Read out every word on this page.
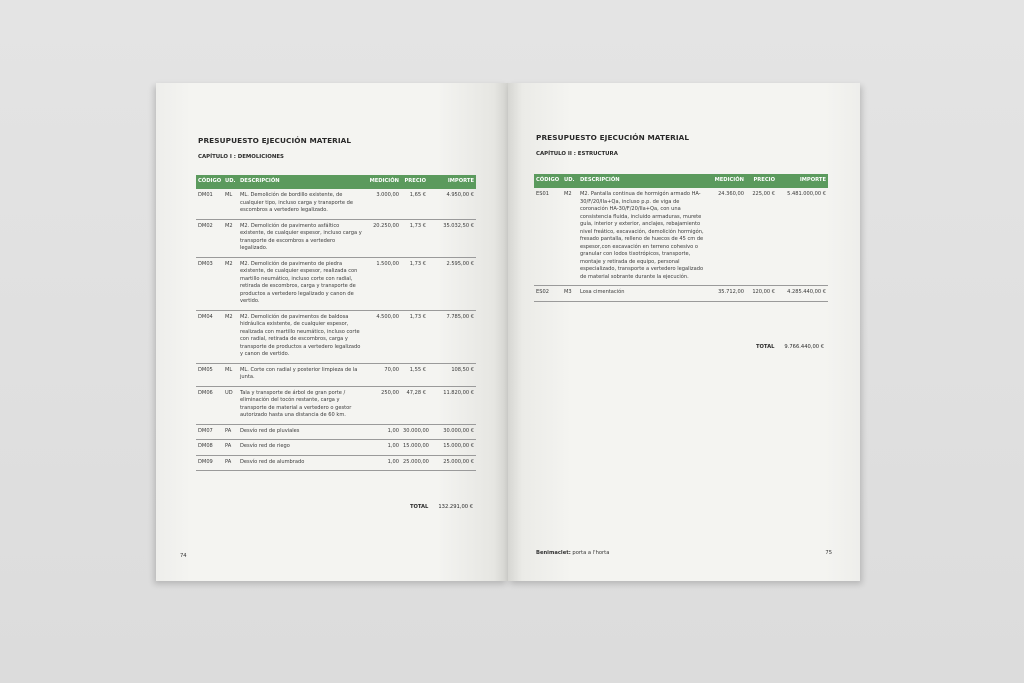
PRESUPUESTO EJECUCIÓN MATERIAL
CAPÍTULO I : DEMOLICIONES
CÓDIGO	UD.	DESCRIPCIÓN	MEDICIÓN	PRECIO	IMPORTE
DM01	ML	ML. Demolición de bordillo existente, de cualquier tipo, incluso carga y transporte de escombros a vertedero legalizado.	3.000,00	1,65 €	4.950,00 €
DM02	M2	M2. Demolición de pavimento asfáltico existente, de cualquier espesor, incluso carga y transporte de escombros a vertedero legalizado.	20.250,00	1,73 €	35.032,50 €
DM03	M2	M2. Demolición de pavimento de piedra existente, de cualquier espesor, realizada con martillo neumático, incluso corte con radial, retirada de escombros, carga y transporte de productos a vertedero legalizado y canon de vertido.	1.500,00	1,73 €	2.595,00 €
DM04	M2	M2. Demolición de pavimentos de baldosa hidráulica existente, de cualquier espesor, realizada con martillo neumático, incluso corte con radial, retirada de escombros, carga y transporte de productos a vertedero legalizado y canon de vertido.	4.500,00	1,73 €	7.785,00 €
DM05	ML	ML. Corte con radial y posterior limpieza de la junta.	70,00	1,55 €	108,50 €
DM06	UD	Tala y transporte de árbol de gran porte / eliminación del tocón restante, carga y transporte de material a vertedero o gestor autorizado hasta una distancia de 60 km.	250,00	47,28 €	11.820,00 €
DM07	PA	Desvío red de pluviales	1,00	30.000,00	30.000,00 €
DM08	PA	Desvío red de riego	1,00	15.000,00	15.000,00 €
DM09	PA	Desvío red de alumbrado	1,00	25.000,00	25.000,00 €
TOTAL 132.291,00 €
74
PRESUPUESTO EJECUCIÓN MATERIAL
CAPÍTULO II : ESTRUCTURA
CÓDIGO	UD.	DESCRIPCIÓN	MEDICIÓN	PRECIO	IMPORTE
ES01	M2	M2. Pantalla continua de hormigón armado HA-30/F/20/IIa+Qa, incluso p.p. de viga de coronación HA-30/F/20/IIa+Qa, con una consistencia fluida, incluido armaduras, murete guía, interior y exterior, anclajes, rebajamiento nivel freático, excavación, demolición hormigón, fresado pantalla, relleno de huecos de 45 cm de espesor,con excavación en terreno cohesivo o granular con lodos tixotrópicos, transporte, montaje y retirada de equipo, personal especializado, transporte a vertedero legalizado de material sobrante durante la ejecución.	24.360,00	225,00 €	5.481.000,00 €
ES02	M3	Losa cimentación	35.712,00	120,00 €	4.285.440,00 €
TOTAL 9.766.440,00 €
Benimaclet: porta a l'horta	75
